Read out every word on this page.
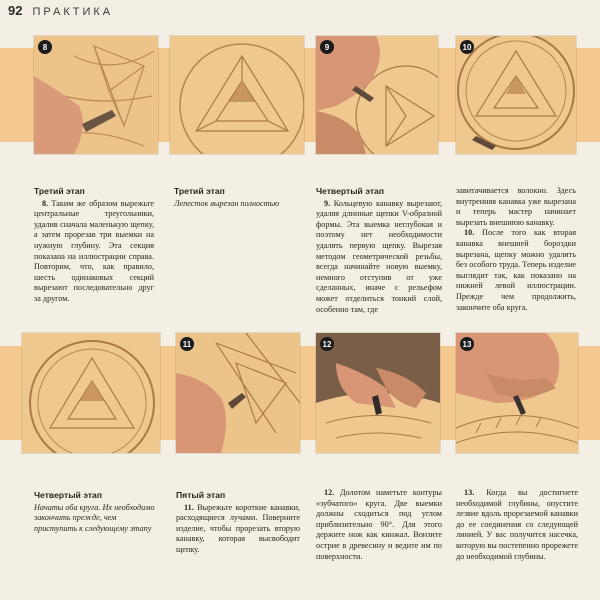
92 ПРАКТИКА
8	9	10
Третий этап

8. Таким же образом вырежьте центральные треугольники, удалив сначала маленькую щепку, а затем прорезав три выемки на нужную глубину. Эта секция показана на иллюстрации справа. Повторим, что, как правило, шесть одинаковых секций вырезают последовательно друг за другом.

Третий этап
Лепесток вырезан полностью
Четвертый этап

9. Кольцевую канавку вырезают, удаляя длинные щепки V-образной формы. Эта выемка неглубокая и поэтому нет необходимости удалять первую щепку. Вырезая методом геометрической резьбы, всегда начинайте новую выемку, немного отступив от уже сделанных, иначе с рельефом может отделиться тонкий слой, особенно там, где

завитачивается волокно. Здесь внутренняя канавка уже вырезана и теперь мастер начинает вырезать внешнюю канавку.

10. После того как вторая канавка внешней бороздки вырезана, щепку можно удалить без особого труда. Теперь изделие выглядит так, как показано на нижней левой иллюстрации. Прежде чем продолжить, закончите оба круга.

11	12	13
Четвертый этап
Начаты оба круга. Их необходимо закончить прежде, чем приступить к следующему этапу
Пятый этап

11. Вырежьте короткие канавки, расходящиеся лучами. Поверните изделие, чтобы прорезать вторую канавку, которая высвободит щепку.

12. Долотом наметьте контуры «зубчатого» круга. Две выемки должны сходиться под углом приблизительно 90°. Для этого держите нож как кинжал. Вонзите острие в древесину и ведите им по поверхности.

13. Когда вы достигнете необходимой глубины, опустите лезвие вдоль прорезаемой канавки до ее соединения со следующей линией. У вас получится насечка, которую вы постепенно прорежете до необходимой глубины.
